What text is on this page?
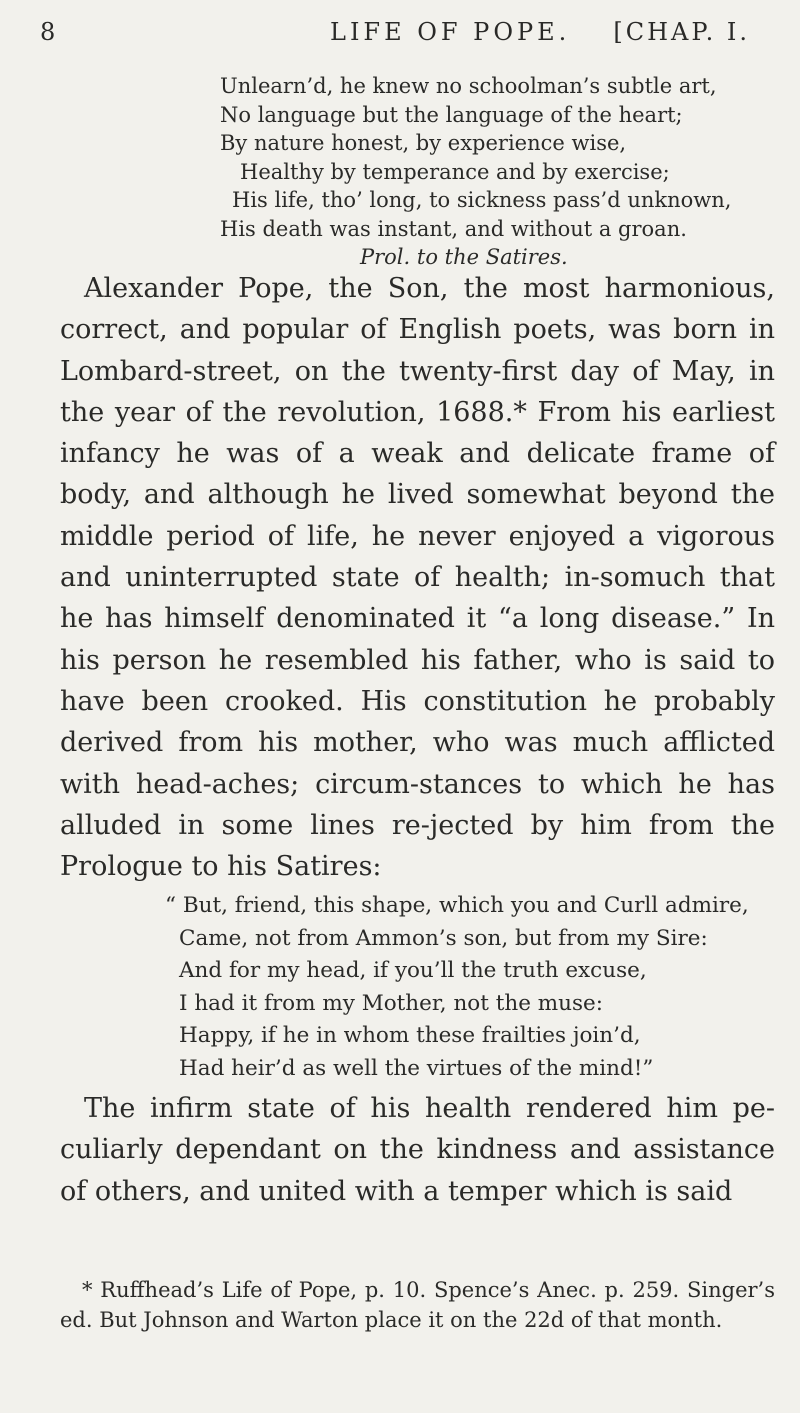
8	LIFE OF POPE. [CHAP. I.
Unlearn’d, he knew no schoolman’s subtle art,
No language but the language of the heart;
By nature honest, by experience wise,
Healthy by temperance and by exercise;
His life, tho’ long, to sickness pass’d unknown,
His death was instant, and without a groan.
Prol. to the Satires.
Alexander Pope, the Son, the most harmonious, correct, and popular of English poets, was born in Lombard-street, on the twenty-first day of May, in the year of the revolution, 1688.* From his earliest infancy he was of a weak and delicate frame of body, and although he lived somewhat beyond the middle period of life, he never enjoyed a vigorous and uninterrupted state of health; in-somuch that he has himself denominated it “a long disease.” In his person he resembled his father, who is said to have been crooked. His constitution he probably derived from his mother, who was much afflicted with head-aches; circum-stances to which he has alluded in some lines re-jected by him from the Prologue to his Satires:
“ But, friend, this shape, which you and Curll admire,
Came, not from Ammon’s son, but from my Sire:
And for my head, if you’ll the truth excuse,
I had it from my Mother, not the muse:
Happy, if he in whom these frailties join’d,
Had heir’d as well the virtues of the mind!”

The infirm state of his health rendered him pe-culiarly dependant on the kindness and assistance of others, and united with a temper which is said

* Ruffhead’s Life of Pope, p. 10. Spence’s Anec. p. 259. Singer’s ed. But Johnson and Warton place it on the 22d of that month.
